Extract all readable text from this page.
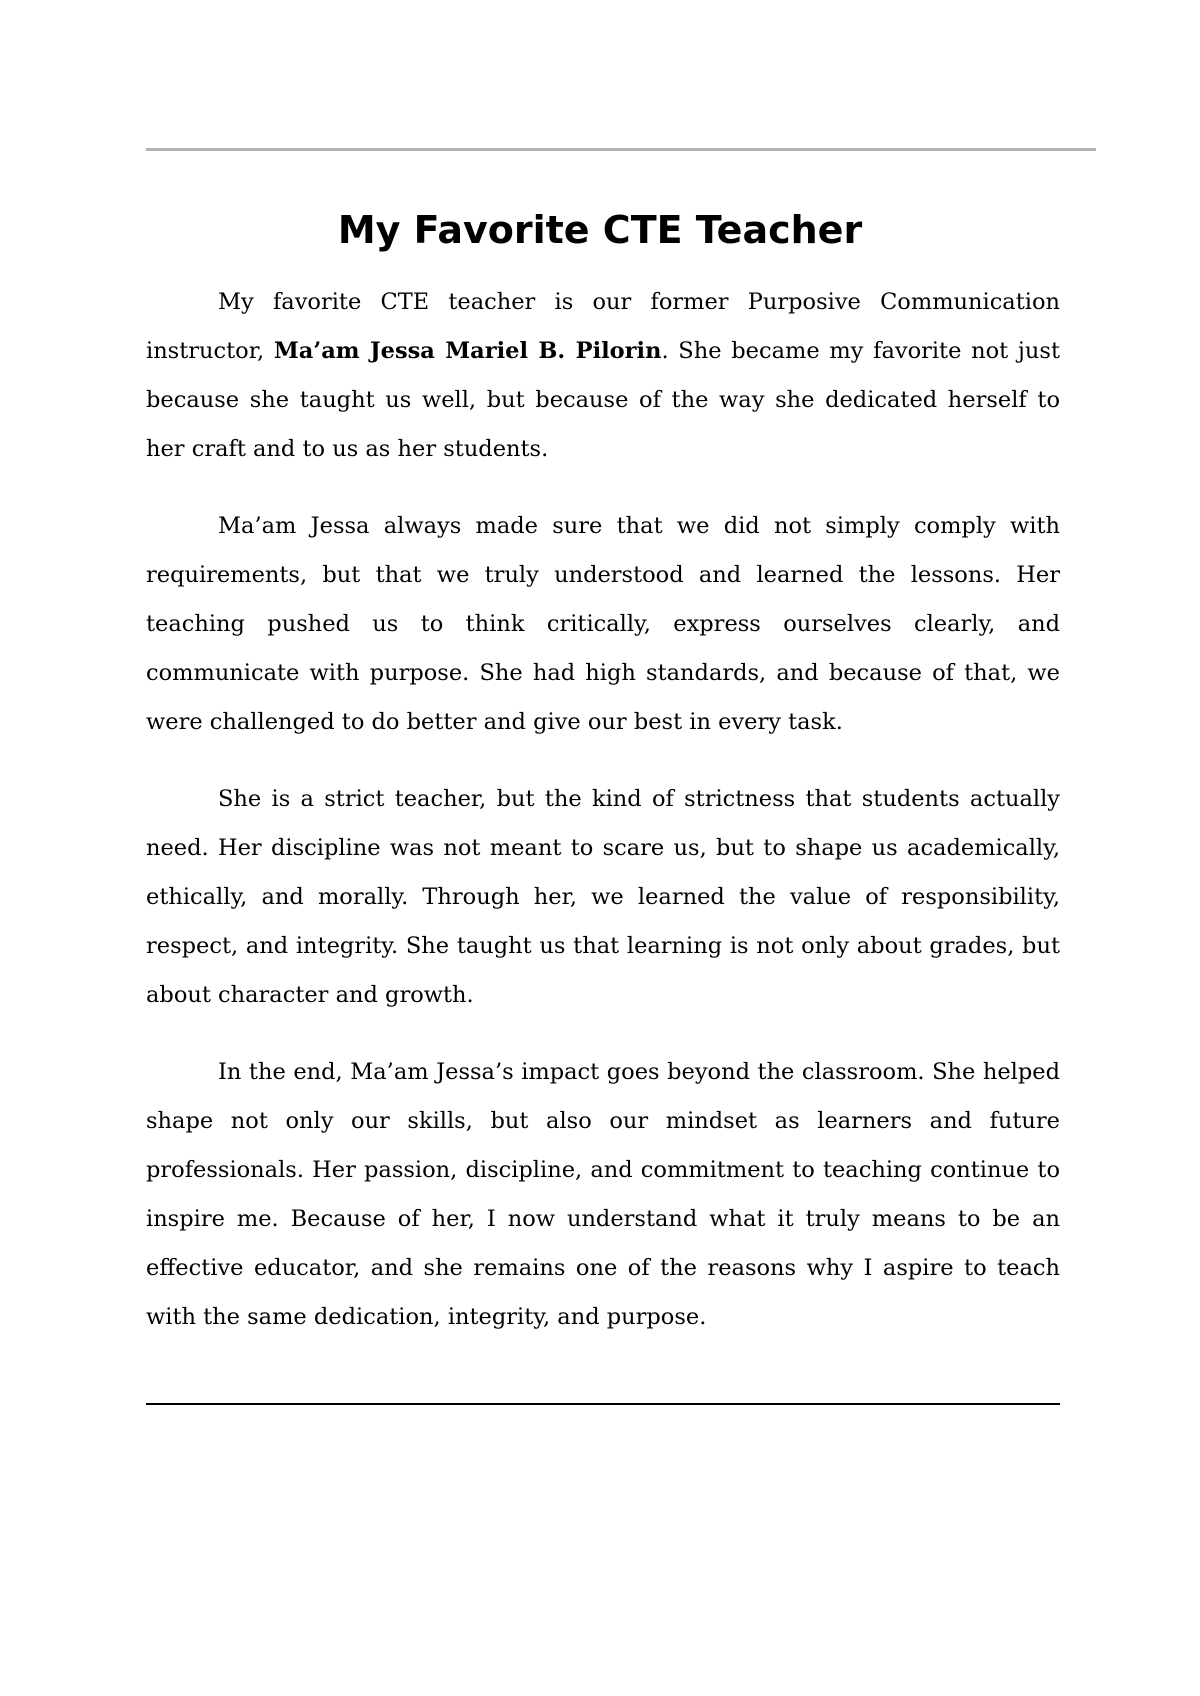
My Favorite CTE Teacher

My favorite CTE teacher is our former Purposive Communication instructor, Ma’am Jessa Mariel B. Pilorin. She became my favorite not just because she taught us well, but because of the way she dedicated herself to her craft and to us as her students.

Ma’am Jessa always made sure that we did not simply comply with requirements, but that we truly understood and learned the lessons. Her teaching pushed us to think critically, express ourselves clearly, and communicate with purpose. She had high standards, and because of that, we were challenged to do better and give our best in every task.

She is a strict teacher, but the kind of strictness that students actually need. Her discipline was not meant to scare us, but to shape us academically, ethically, and morally. Through her, we learned the value of responsibility, respect, and integrity. She taught us that learning is not only about grades, but about character and growth.

In the end, Ma’am Jessa’s impact goes beyond the classroom. She helped shape not only our skills, but also our mindset as learners and future professionals. Her passion, discipline, and commitment to teaching continue to inspire me. Because of her, I now understand what it truly means to be an effective educator, and she remains one of the reasons why I aspire to teach with the same dedication, integrity, and purpose.
